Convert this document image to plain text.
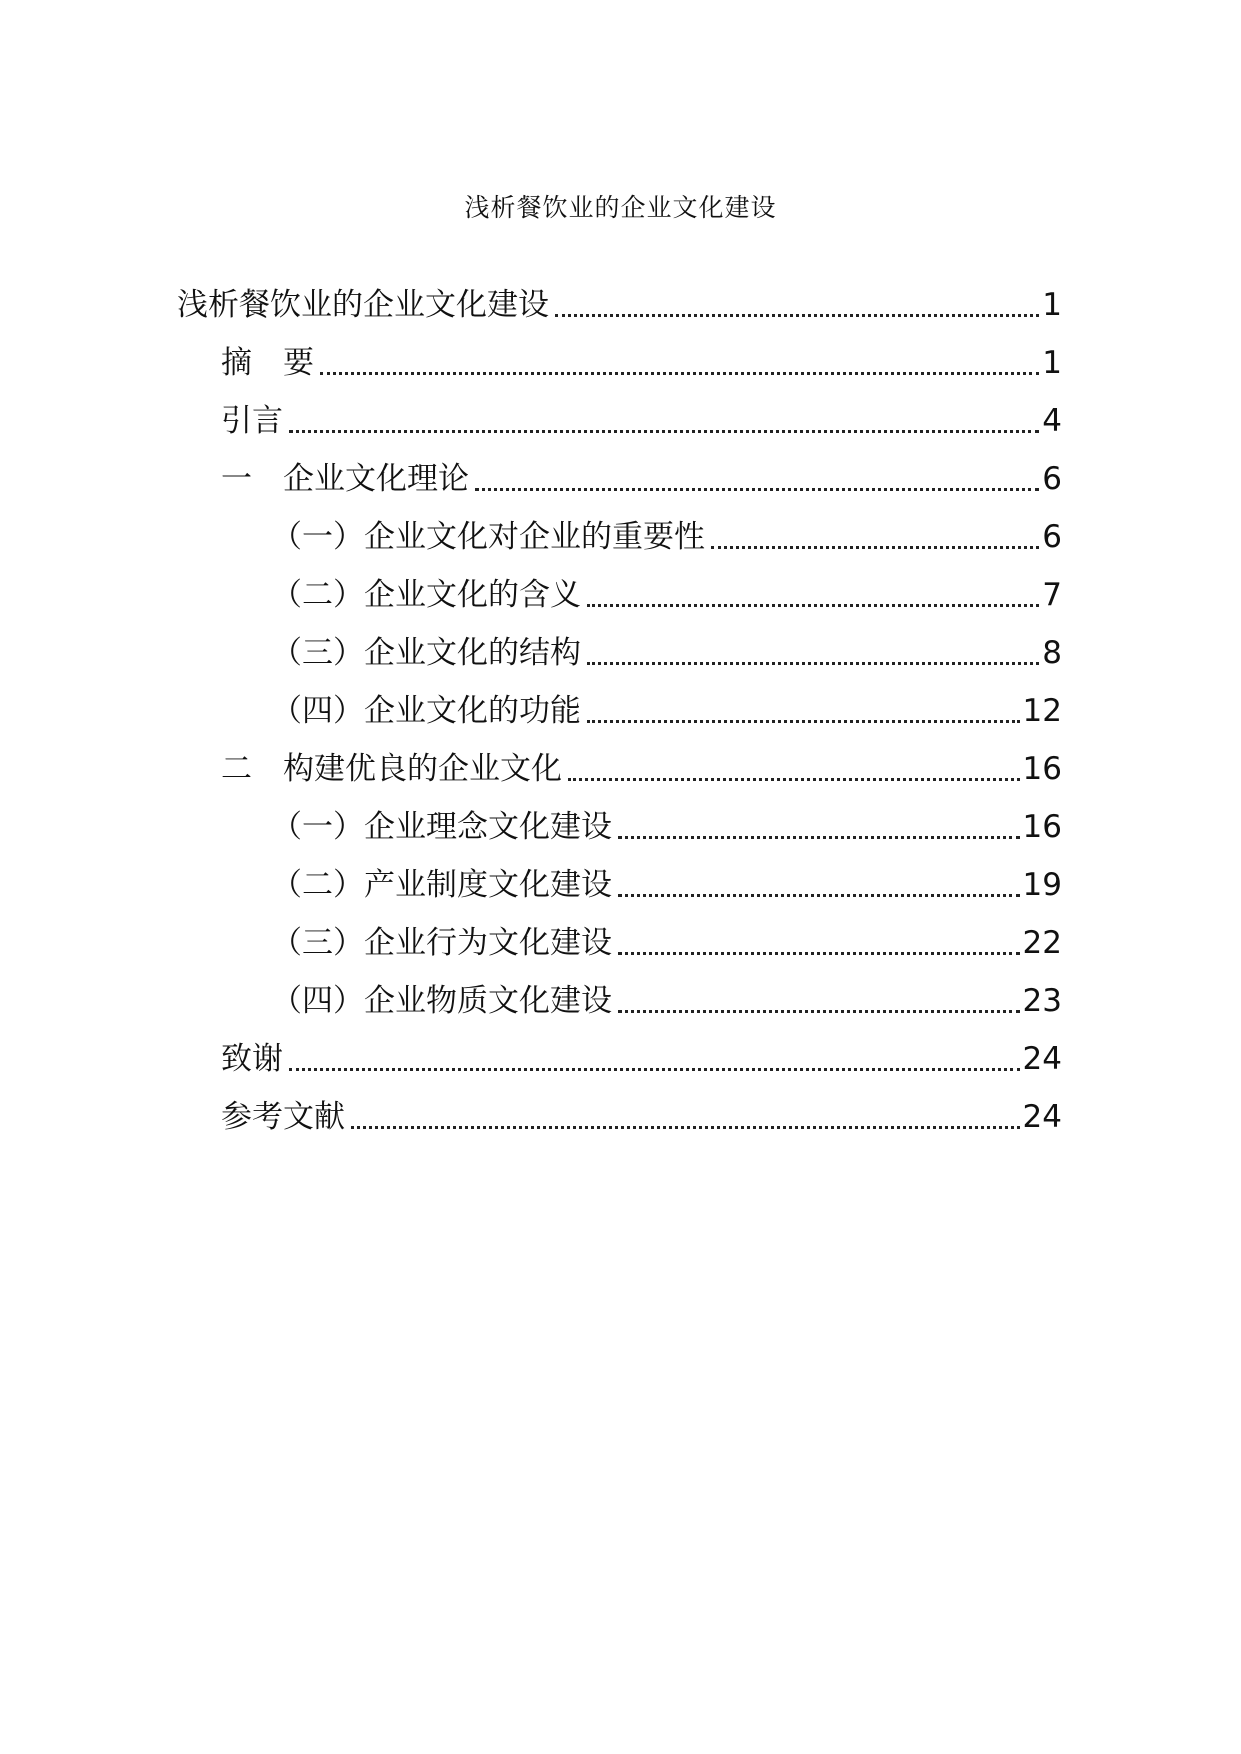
浅析餐饮业的企业文化建设
浅析餐饮业的企业文化建设	1
摘　要	1
引言	4
一　企业文化理论	6
（一）企业文化对企业的重要性	6
（二）企业文化的含义	7
（三）企业文化的结构	8
（四）企业文化的功能	12
二　构建优良的企业文化	16
（一）企业理念文化建设	16
（二）产业制度文化建设	19
（三）企业行为文化建设	22
（四）企业物质文化建设	23
致谢	24
参考文献	24
